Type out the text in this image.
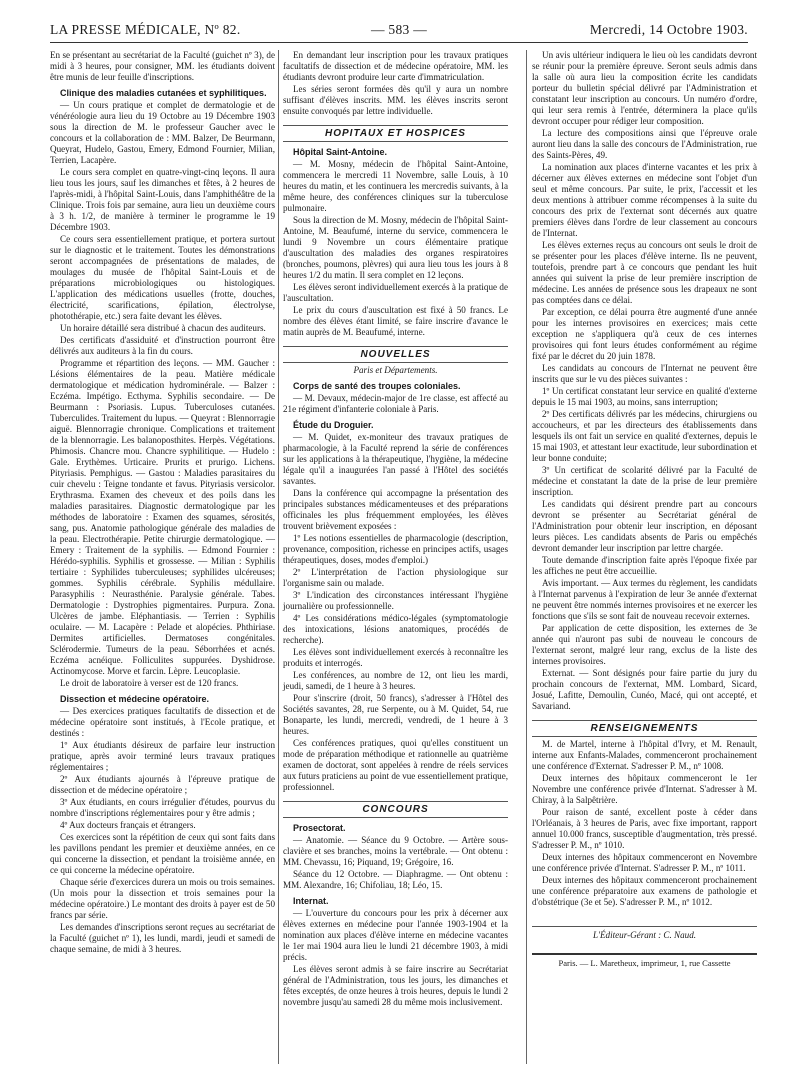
LA PRESSE MÉDICALE, Nº 82.	— 583 —	Mercredi, 14 Octobre 1903.

En se présentant au secrétariat de la Faculté (guichet nº 3), de midi à 3 heures, pour consigner, MM. les étudiants doivent être munis de leur feuille d'inscriptions.

Clinique des maladies cutanées et syphilitiques.

— Un cours pratique et complet de dermatologie et de vénéréologie aura lieu du 19 Octobre au 19 Décembre 1903 sous la direction de M. le professeur Gaucher avec le concours et la collaboration de : MM. Balzer, De Beurmann, Queyrat, Hudelo, Gastou, Emery, Edmond Fournier, Milian, Terrien, Lacapère.

Le cours sera complet en quatre-vingt-cinq leçons. Il aura lieu tous les jours, sauf les dimanches et fêtes, à 2 heures de l'après-midi, à l'hôpital Saint-Louis, dans l'amphithéâtre de la Clinique. Trois fois par semaine, aura lieu un deuxième cours à 3 h. 1/2, de manière à terminer le programme le 19 Décembre 1903.

Ce cours sera essentiellement pratique, et portera surtout sur le diagnostic et le traitement. Toutes les démonstrations seront accompagnées de présentations de malades, de moulages du musée de l'hôpital Saint-Louis et de préparations microbiologiques ou histologiques. L'application des médications usuelles (frotte, douches, électricité, scarifications, épilation, électrolyse, photothérapie, etc.) sera faite devant les élèves.

Un horaire détaillé sera distribué à chacun des auditeurs.

Des certificats d'assiduité et d'instruction pourront être délivrés aux auditeurs à la fin du cours.

Programme et répartition des leçons. — MM. Gaucher : Lésions élémentaires de la peau. Matière médicale dermatologique et médication hydrominérale. — Balzer : Eczéma. Impétigo. Ecthyma. Syphilis secondaire. — De Beurmann : Psoriasis. Lupus. Tuberculoses cutanées. Tuberculides. Traitement du lupus. — Queyrat : Blennorragie aiguë. Blennorragie chronique. Complications et traitement de la blennorragie. Les balanoposthites. Herpès. Végétations. Phimosis. Chancre mou. Chancre syphilitique. — Hudelo : Gale. Erythèmes. Urticaire. Prurits et prurigo. Lichens. Pityriasis. Pemphigus. — Gastou : Maladies parasitaires du cuir chevelu : Teigne tondante et favus. Pityriasis versicolor. Erythrasma. Examen des cheveux et des poils dans les maladies parasitaires. Diagnostic dermatologique par les méthodes de laboratoire : Examen des squames, sérosités, sang, pus. Anatomie pathologique générale des maladies de la peau. Electrothérapie. Petite chirurgie dermatologique. — Emery : Traitement de la syphilis. — Edmond Fournier : Hérédo-syphilis. Syphilis et grossesse. — Milian : Syphilis tertiaire : Syphilides tuberculeuses; syphilides ulcéreuses; gommes. Syphilis cérébrale. Syphilis médullaire. Parasyphilis : Neurasthénie. Paralysie générale. Tabes. Dermatologie : Dystrophies pigmentaires. Purpura. Zona. Ulcères de jambe. Eléphantiasis. — Terrien : Syphilis oculaire. — M. Lacapère : Pelade et alopécies. Phthiriase. Dermites artificielles. Dermatoses congénitales. Sclérodermie. Tumeurs de la peau. Séborrhées et acnés. Eczéma acnéique. Folliculites suppurées. Dyshidrose. Actinomycose. Morve et farcin. Lèpre. Leucoplasie.

Le droit de laboratoire à verser est de 120 francs.

Dissection et médecine opératoire.

— Des exercices pratiques facultatifs de dissection et de médecine opératoire sont institués, à l'Ecole pratique, et destinés :

1º Aux étudiants désireux de parfaire leur instruction pratique, après avoir terminé leurs travaux pratiques réglementaires ;

2º Aux étudiants ajournés à l'épreuve pratique de dissection et de médecine opératoire ;

3º Aux étudiants, en cours irrégulier d'études, pourvus du nombre d'inscriptions réglementaires pour y être admis ;

4º Aux docteurs français et étrangers.

Ces exercices sont la répétition de ceux qui sont faits dans les pavillons pendant les premier et deuxième années, en ce qui concerne la dissection, et pendant la troisième année, en ce qui concerne la médecine opératoire.

Chaque série d'exercices durera un mois ou trois semaines. (Un mois pour la dissection et trois semaines pour la médecine opératoire.) Le montant des droits à payer est de 50 francs par série.

Les demandes d'inscriptions seront reçues au secrétariat de la Faculté (guichet nº 1), les lundi, mardi, jeudi et samedi de chaque semaine, de midi à 3 heures.

En demandant leur inscription pour les travaux pratiques facultatifs de dissection et de médecine opératoire, MM. les étudiants devront produire leur carte d'immatriculation.

Les séries seront formées dès qu'il y aura un nombre suffisant d'élèves inscrits. MM. les élèves inscrits seront ensuite convoqués par lettre individuelle.

HOPITAUX ET HOSPICES

Hôpital Saint-Antoine.

— M. Mosny, médecin de l'hôpital Saint-Antoine, commencera le mercredi 11 Novembre, salle Louis, à 10 heures du matin, et les continuera les mercredis suivants, à la même heure, des conférences cliniques sur la tuberculose pulmonaire.

Sous la direction de M. Mosny, médecin de l'hôpital Saint-Antoine, M. Beaufumé, interne du service, commencera le lundi 9 Novembre un cours élémentaire pratique d'auscultation des maladies des organes respiratoires (bronches, poumons, plèvres) qui aura lieu tous les jours à 8 heures 1/2 du matin. Il sera complet en 12 leçons.

Les élèves seront individuellement exercés à la pratique de l'auscultation.

Le prix du cours d'auscultation est fixé à 50 francs. Le nombre des élèves étant limité, se faire inscrire d'avance le matin auprès de M. Beaufumé, interne.

NOUVELLES
Paris et Départements.

Corps de santé des troupes coloniales.

— M. Devaux, médecin-major de 1re classe, est affecté au 21e régiment d'infanterie coloniale à Paris.

Étude du Droguier.

— M. Quidet, ex-moniteur des travaux pratiques de pharmacologie, à la Faculté reprend la série de conférences sur les applications à la thérapeutique, l'hygiène, la médecine légale qu'il a inaugurées l'an passé à l'Hôtel des sociétés savantes.

Dans la conférence qui accompagne la présentation des principales substances médicamenteuses et des préparations officinales les plus fréquemment employées, les élèves trouvent brièvement exposées :

1º Les notions essentielles de pharmacologie (description, provenance, composition, richesse en principes actifs, usages thérapeutiques, doses, modes d'emploi.)

2º L'interprétation de l'action physiologique sur l'organisme sain ou malade.

3º L'indication des circonstances intéressant l'hygiène journalière ou professionnelle.

4º Les considérations médico-légales (symptomatologie des intoxications, lésions anatomiques, procédés de recherche).

Les élèves sont individuellement exercés à reconnaître les produits et interrogés.

Les conférences, au nombre de 12, ont lieu les mardi, jeudi, samedi, de 1 heure à 3 heures.

Pour s'inscrire (droit, 50 francs), s'adresser à l'Hôtel des Sociétés savantes, 28, rue Serpente, ou à M. Quidet, 54, rue Bonaparte, les lundi, mercredi, vendredi, de 1 heure à 3 heures.

Ces conférences pratiques, quoi qu'elles constituent un mode de préparation méthodique et rationnelle au quatrième examen de doctorat, sont appelées à rendre de réels services aux futurs praticiens au point de vue essentiellement pratique, professionnel.

CONCOURS

Prosectorat.

— Anatomie. — Séance du 9 Octobre. — Artère sous-clavière et ses branches, moins la vertébrale. — Ont obtenu : MM. Chevassu, 16; Piquand, 19; Grégoire, 16.

Séance du 12 Octobre. — Diaphragme. — Ont obtenu : MM. Alexandre, 16; Chifoliau, 18; Léo, 15.

Internat.

— L'ouverture du concours pour les prix à décerner aux élèves externes en médecine pour l'année 1903-1904 et la nomination aux places d'élève interne en médecine vacantes le 1er mai 1904 aura lieu le lundi 21 décembre 1903, à midi précis.

Les élèves seront admis à se faire inscrire au Secrétariat général de l'Administration, tous les jours, les dimanches et fêtes exceptés, de onze heures à trois heures, depuis le lundi 2 novembre jusqu'au samedi 28 du même mois inclusivement.

Un avis ultérieur indiquera le lieu où les candidats devront se réunir pour la première épreuve. Seront seuls admis dans la salle où aura lieu la composition écrite les candidats porteur du bulletin spécial délivré par l'Administration et constatant leur inscription au concours. Un numéro d'ordre, qui leur sera remis à l'entrée, déterminera la place qu'ils devront occuper pour rédiger leur composition.

La lecture des compositions ainsi que l'épreuve orale auront lieu dans la salle des concours de l'Administration, rue des Saints-Pères, 49.

La nomination aux places d'interne vacantes et les prix à décerner aux élèves externes en médecine sont l'objet d'un seul et même concours. Par suite, le prix, l'accessit et les deux mentions à attribuer comme récompenses à la suite du concours des prix de l'externat sont décernés aux quatre premiers élèves dans l'ordre de leur classement au concours de l'Internat.

Les élèves externes reçus au concours ont seuls le droit de se présenter pour les places d'élève interne. Ils ne peuvent, toutefois, prendre part à ce concours que pendant les huit années qui suivent la prise de leur première inscription de médecine. Les années de présence sous les drapeaux ne sont pas comptées dans ce délai.

Par exception, ce délai pourra être augmenté d'une année pour les internes provisoires en exercices; mais cette exception ne s'appliquera qu'à ceux de ces internes provisoires qui font leurs études conformément au régime fixé par le décret du 20 juin 1878.

Les candidats au concours de l'Internat ne peuvent être inscrits que sur le vu des pièces suivantes :

1º Un certificat constatant leur service en qualité d'externe depuis le 15 mai 1903, au moins, sans interruption;

2º Des certificats délivrés par les médecins, chirurgiens ou accoucheurs, et par les directeurs des établissements dans lesquels ils ont fait un service en qualité d'externes, depuis le 15 mai 1903, et attestant leur exactitude, leur subordination et leur bonne conduite;

3º Un certificat de scolarité délivré par la Faculté de médecine et constatant la date de la prise de leur première inscription.

Les candidats qui désirent prendre part au concours devront se présenter au Secrétariat général de l'Administration pour obtenir leur inscription, en déposant leurs pièces. Les candidats absents de Paris ou empêchés devront demander leur inscription par lettre chargée.

Toute demande d'inscription faite après l'époque fixée par les affiches ne peut être accueillie.

Avis important. — Aux termes du règlement, les candidats à l'Internat parvenus à l'expiration de leur 3e année d'externat ne peuvent être nommés internes provisoires et ne exercer les fonctions que s'ils se sont fait de nouveau recevoir externes.

Par application de cette disposition, les externes de 3e année qui n'auront pas subi de nouveau le concours de l'externat seront, malgré leur rang, exclus de la liste des internes provisoires.

Externat. — Sont désignés pour faire partie du jury du prochain concours de l'externat, MM. Lombard, Sicard, Josué, Lafitte, Demoulin, Cunéo, Macé, qui ont accepté, et Savariand.

RENSEIGNEMENTS

M. de Martel, interne à l'hôpital d'Ivry, et M. Renault, interne aux Enfants-Malades, commenceront prochainement une conférence d'Externat. S'adresser P. M., nº 1008.

Deux internes des hôpitaux commenceront le 1er Novembre une conférence privée d'Internat. S'adresser à M. Chiray, à la Salpêtrière.

Pour raison de santé, excellent poste à céder dans l'Orléanais, à 3 heures de Paris, avec fixe important, rapport annuel 10.000 francs, susceptible d'augmentation, très pressé. S'adresser P. M., nº 1010.

Deux internes des hôpitaux commenceront en Novembre une conférence privée d'Internat. S'adresser P. M., nº 1011.

Deux internes des hôpitaux commenceront prochainement une conférence préparatoire aux examens de pathologie et d'obstétrique (3e et 5e). S'adresser P. M., nº 1012.

L'Éditeur-Gérant : C. Naud.
Paris. — L. Maretheux, imprimeur, 1, rue Cassette
